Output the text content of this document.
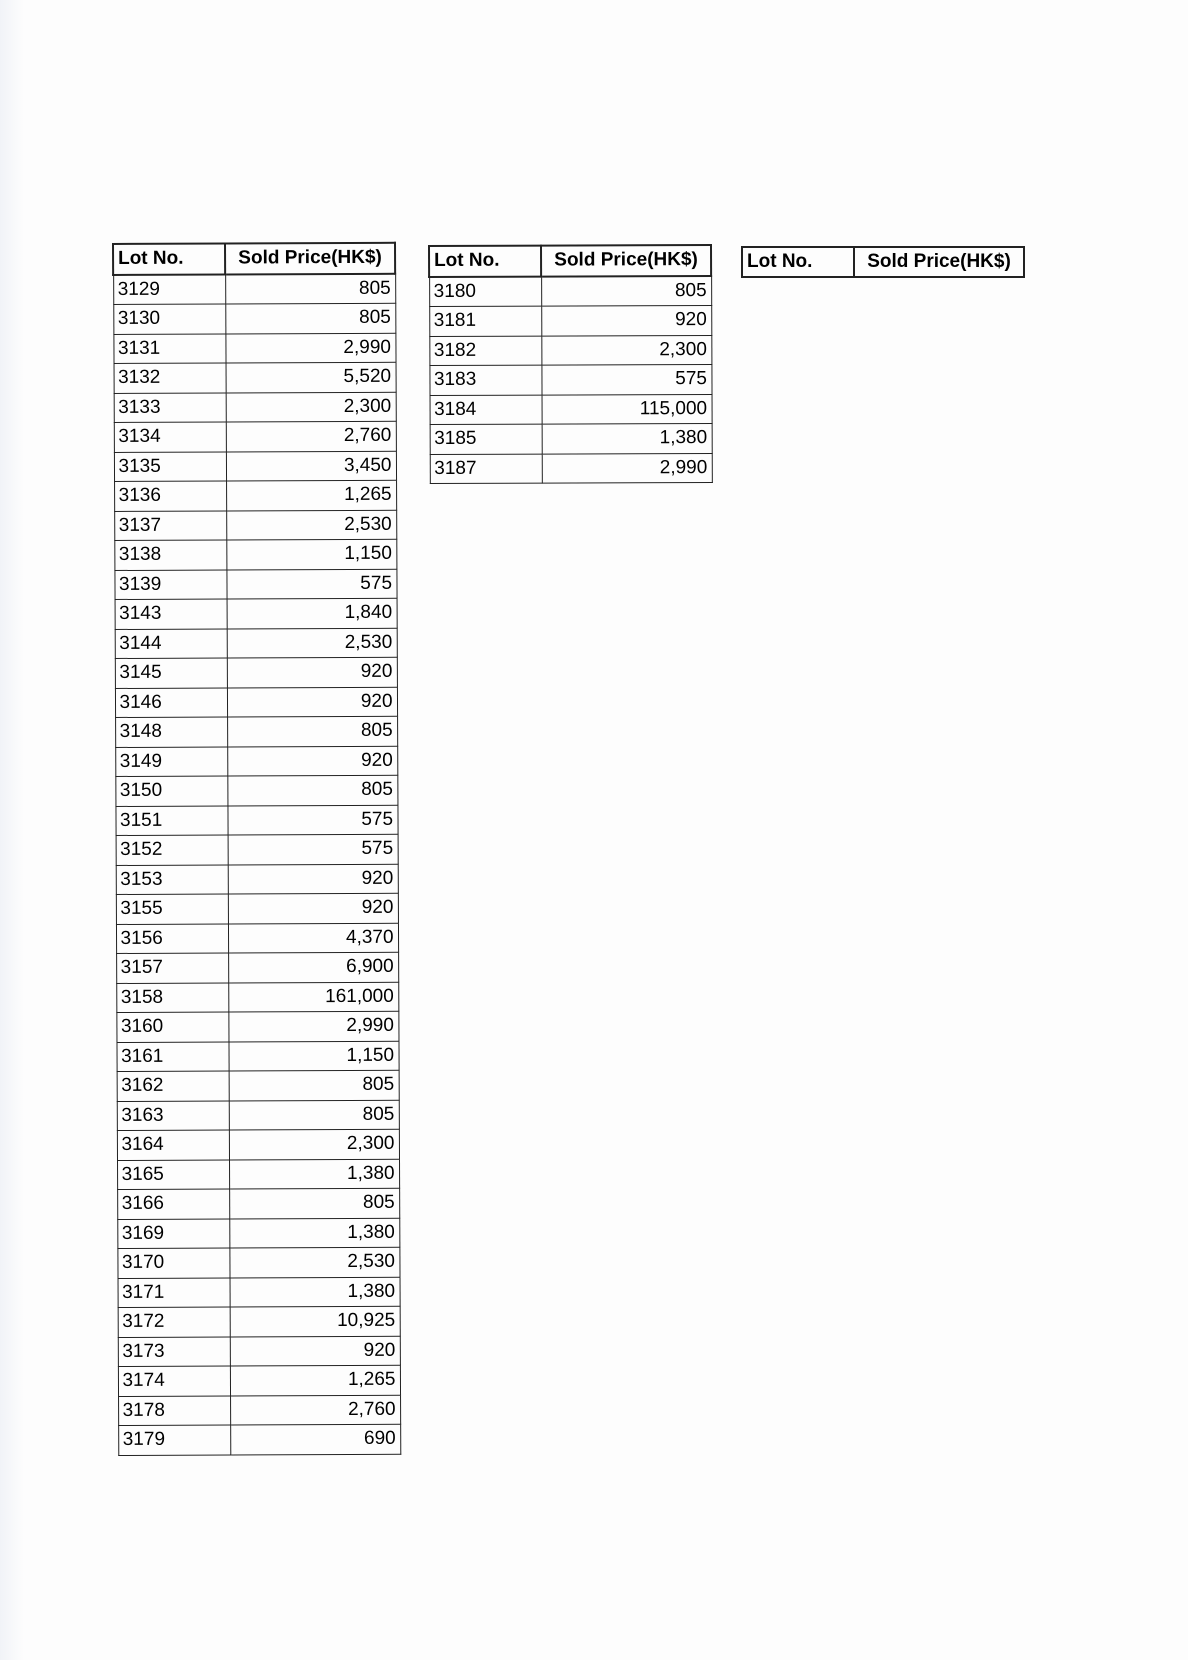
Lot No.	Sold Price(HK$)
3129	805
3130	805
3131	2,990
3132	5,520
3133	2,300
3134	2,760
3135	3,450
3136	1,265
3137	2,530
3138	1,150
3139	575
3143	1,840
3144	2,530
3145	920
3146	920
3148	805
3149	920
3150	805
3151	575
3152	575
3153	920
3155	920
3156	4,370
3157	6,900
3158	161,000
3160	2,990
3161	1,150
3162	805
3163	805
3164	2,300
3165	1,380
3166	805
3169	1,380
3170	2,530
3171	1,380
3172	10,925
3173	920
3174	1,265
3178	2,760
3179	690
Lot No.	Sold Price(HK$)
3180	805
3181	920
3182	2,300
3183	575
3184	115,000
3185	1,380
3187	2,990
Lot No.	Sold Price(HK$)
